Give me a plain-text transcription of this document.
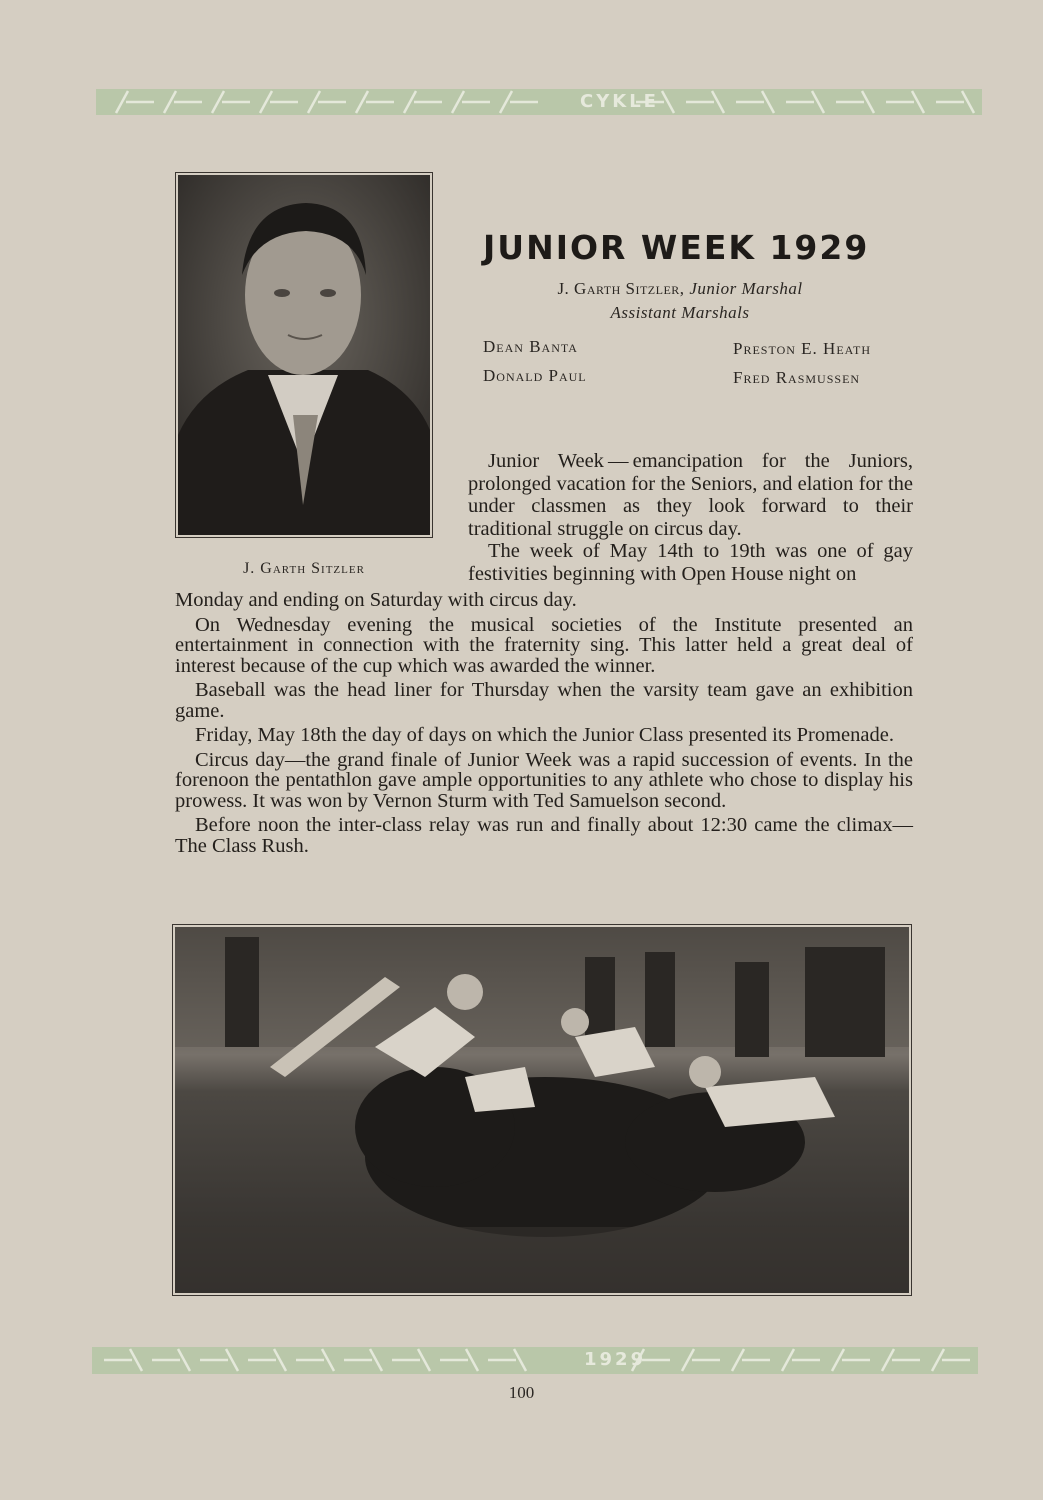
CYKLE
J. Garth Sitzler
JUNIOR WEEK 1929
J. Garth Sitzler, Junior Marshal
Assistant Marshals
Dean Banta	Preston E. Heath
Donald Paul	Fred Rasmussen

Junior Week — emancipation for the Juniors, prolonged vacation for the Seniors, and elation for the under classmen as they look forward to their traditional struggle on circus day.

The week of May 14th to 19th was one of gay festivities beginning with Open House night on

Monday and ending on Saturday with circus day.

On Wednesday evening the musical societies of the Institute presented an entertainment in connection with the fraternity sing. This latter held a great deal of interest because of the cup which was awarded the winner.

Baseball was the head liner for Thursday when the varsity team gave an exhibition game.

Friday, May 18th the day of days on which the Junior Class presented its Promenade.

Circus day—the grand finale of Junior Week was a rapid succession of events. In the forenoon the pentathlon gave ample opportunities to any athlete who chose to display his prowess. It was won by Vernon Sturm with Ted Samuelson second.

Before noon the inter-class relay was run and finally about 12:30 came the climax—The Class Rush.

1929
100
